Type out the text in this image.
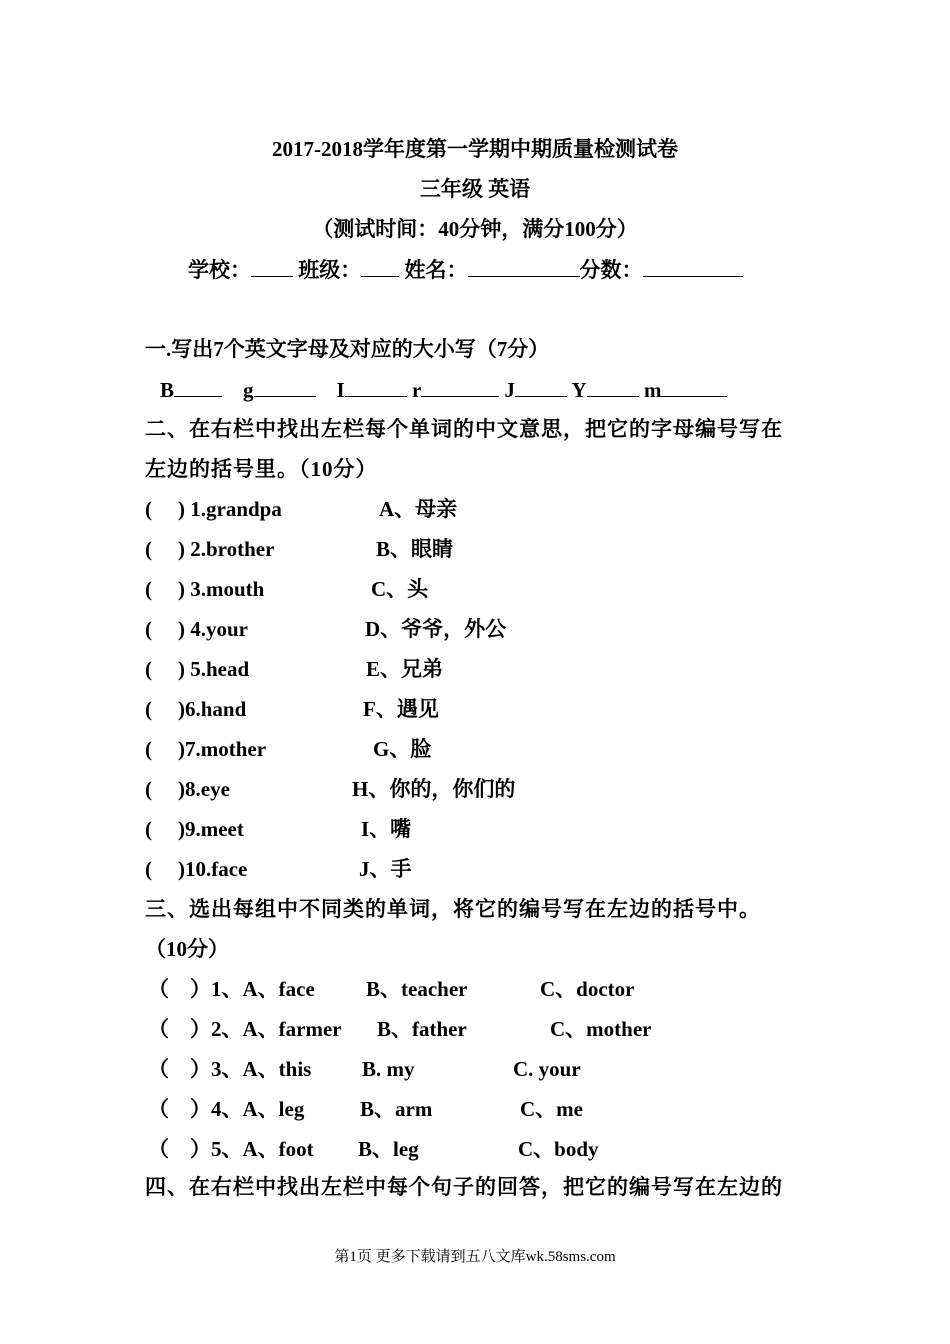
2017-2018学年度第一学期中期质量检测试卷
三年级 英语
（测试时间：40分钟，满分100分）
学校： 班级： 姓名：	分数：
一.写出7个英文字母及对应的大小写（7分）
B	g	I	r	J	Y	m
二、在右栏中找出左栏每个单词的中文意思，把它的字母编号写在
左边的括号里。（10分）
( ) 1.grandpa	A、母亲
( ) 2.brother	B、眼睛
( ) 3.mouth	C、头
( ) 4.your	D、爷爷，外公
( ) 5.head	E、兄弟
( )6.hand	F、遇见
( )7.mother	G、脸
( )8.eye	H、你的，你们的
( )9.meet	I、嘴
( )10.face	J、手
三、选出每组中不同类的单词，将它的编号写在左边的括号中。
（10分）
（　）1、A、face B、teacher	C、doctor
（　）2、A、farmer B、father	C、mother
（　）3、A、this B. my	C. your
（　）4、A、leg	B、arm	C、me
（　）5、A、foot B、leg	C、body
四、在右栏中找出左栏中每个句子的回答，把它的编号写在左边的
第1页 更多下载请到五八文库wk.58sms.com
